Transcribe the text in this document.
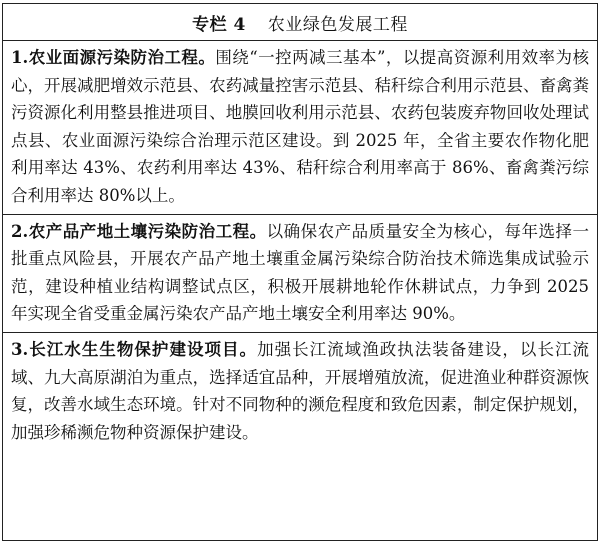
专栏 4 农业绿色发展工程
1.农业面源污染防治工程。围绕“一控两减三基本”，以提高资源利用效率为核心，开展减肥增效示范县、农药减量控害示范县、秸秆综合利用示范县、畜禽粪污资源化利用整县推进项目、地膜回收利用示范县、农药包装废弃物回收处理试点县、农业面源污染综合治理示范区建设。到 2025 年，全省主要农作物化肥利用率达 43%、农药利用率达 43%、秸秆综合利用率高于 86%、畜禽粪污综合利用率达 80%以上。
2.农产品产地土壤污染防治工程。以确保农产品质量安全为核心，每年选择一批重点风险县，开展农产品产地土壤重金属污染综合防治技术筛选集成试验示范，建设种植业结构调整试点区，积极开展耕地轮作休耕试点，力争到 2025 年实现全省受重金属污染农产品产地土壤安全利用率达 90%。
3.长江水生生物保护建设项目。加强长江流域渔政执法装备建设，以长江流域、九大高原湖泊为重点，选择适宜品种，开展增殖放流，促进渔业种群资源恢复，改善水域生态环境。针对不同物种的濒危程度和致危因素，制定保护规划，加强珍稀濒危物种资源保护建设。
